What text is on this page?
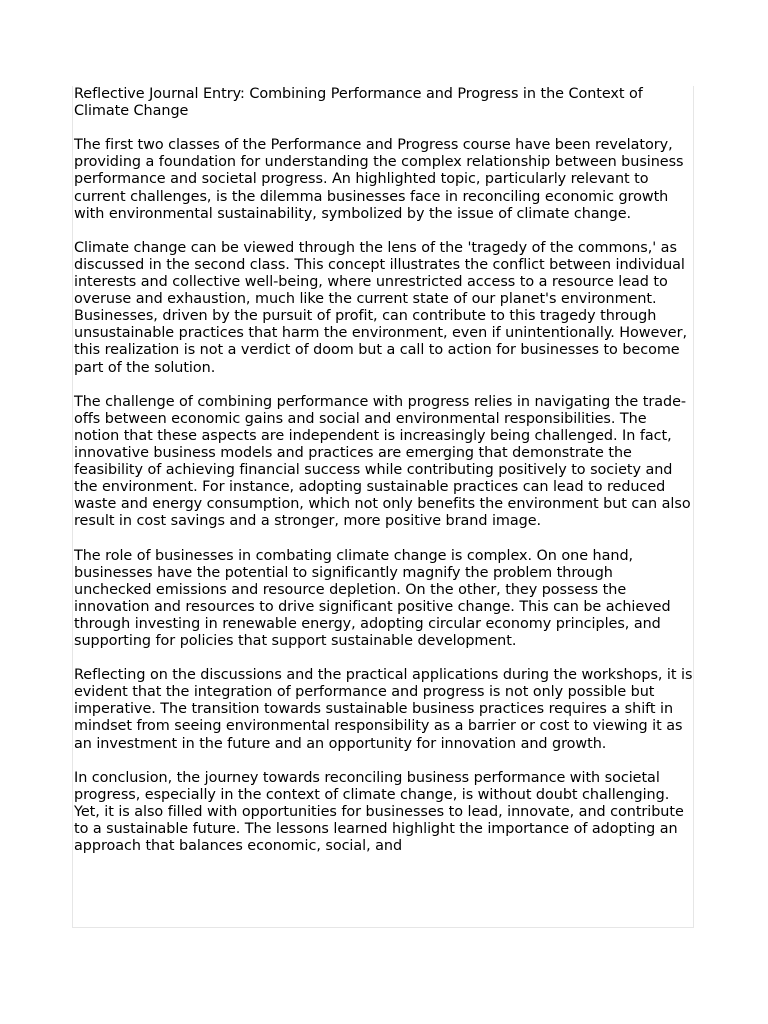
Reflective Journal Entry: Combining Performance and Progress in the Context of Climate Change

The first two classes of the Performance and Progress course have been revelatory, providing a foundation for understanding the complex relationship between business performance and societal progress. An highlighted topic, particularly relevant to current challenges, is the dilemma businesses face in reconciling economic growth with environmental sustainability, symbolized by the issue of climate change.

Climate change can be viewed through the lens of the 'tragedy of the commons,' as discussed in the second class. This concept illustrates the conflict between individual interests and collective well-being, where unrestricted access to a resource lead to overuse and exhaustion, much like the current state of our planet's environment. Businesses, driven by the pursuit of profit, can contribute to this tragedy through unsustainable practices that harm the environment, even if unintentionally. However, this realization is not a verdict of doom but a call to action for businesses to become part of the solution.

The challenge of combining performance with progress relies in navigating the trade-offs between economic gains and social and environmental responsibilities. The notion that these aspects are independent is increasingly being challenged. In fact, innovative business models and practices are emerging that demonstrate the feasibility of achieving financial success while contributing positively to society and the environment. For instance, adopting sustainable practices can lead to reduced waste and energy consumption, which not only benefits the environment but can also result in cost savings and a stronger, more positive brand image.

The role of businesses in combating climate change is complex. On one hand, businesses have the potential to significantly magnify the problem through unchecked emissions and resource depletion. On the other, they possess the innovation and resources to drive significant positive change. This can be achieved through investing in renewable energy, adopting circular economy principles, and supporting for policies that support sustainable development.

Reflecting on the discussions and the practical applications during the workshops, it is evident that the integration of performance and progress is not only possible but imperative. The transition towards sustainable business practices requires a shift in mindset from seeing environmental responsibility as a barrier or cost to viewing it as an investment in the future and an opportunity for innovation and growth.

In conclusion, the journey towards reconciling business performance with societal progress, especially in the context of climate change, is without doubt challenging. Yet, it is also filled with opportunities for businesses to lead, innovate, and contribute to a sustainable future. The lessons learned highlight the importance of adopting an approach that balances economic, social, and
